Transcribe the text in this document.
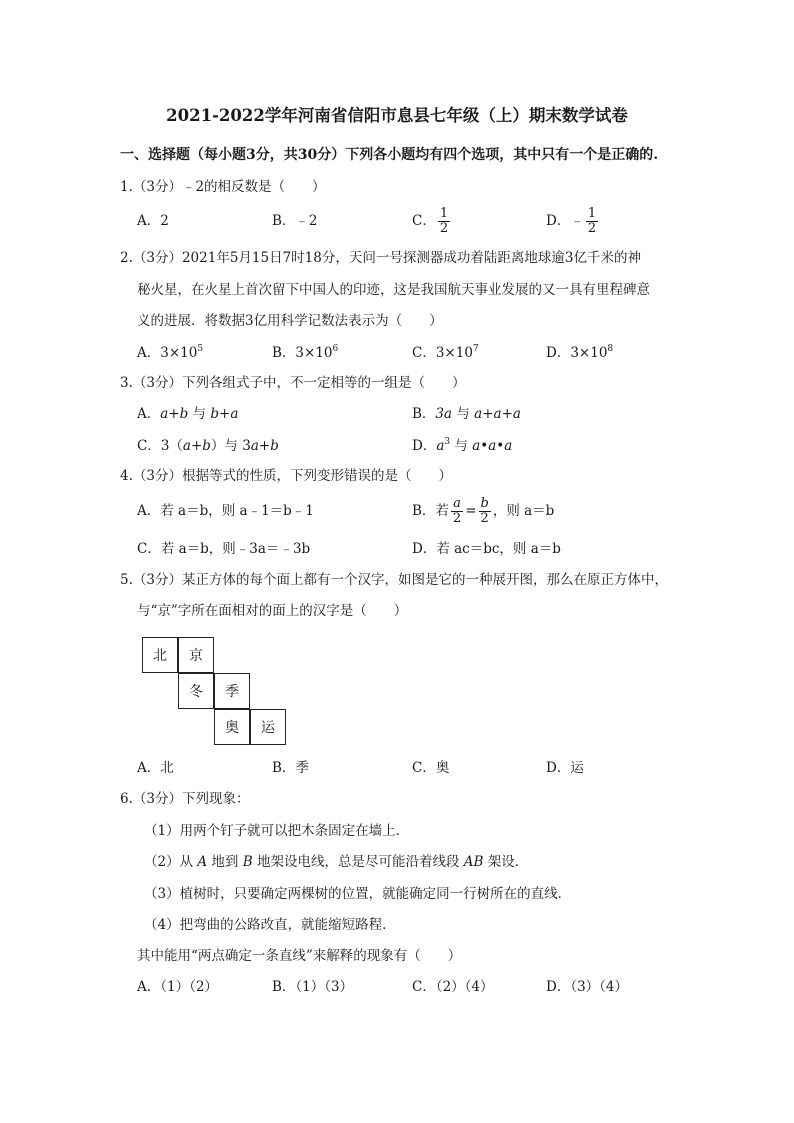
2021-2022学年河南省信阳市息县七年级（上）期末数学试卷
一、选择题（每小题3分，共30分）下列各小题均有四个选项，其中只有一个是正确的.
1.（3分）﹣2的相反数是（　　）
A．2	B．﹣2	C． $\frac{1}{2}$	D．﹣ $\frac{1}{2}$
2.（3分）2021年5月15日7时18分，天问一号探测器成功着陆距离地球逾3亿千米的神
秘火星，在火星上首次留下中国人的印迹，这是我国航天事业发展的又一具有里程碑意
义的进展．将数据3亿用科学记数法表示为（　　）
A．$3\times 10^5$	B．$3\times 10^6$	C．$3\times 10^7$	D．$3\times 10^8$
3.（3分）下列各组式子中，不一定相等的一组是（　　）
A．a+b 与 b+a	B．3a 与 a+a+a
C．3（a+b）与 3a+b	D．$a^3$ 与 a•a•a
4.（3分）根据等式的性质，下列变形错误的是（　　）
A．若 a＝b，则 a﹣1＝b﹣1	B．若 $\frac{a}{2} = \frac{b}{2}$ ，则 a＝b
C．若 a＝b，则﹣3a＝﹣3b	D．若 ac＝bc，则 a＝b
5.（3分）某正方体的每个面上都有一个汉字，如图是它的一种展开图，那么在原正方体中，
与“京”字所在面相对的面上的汉字是（　　）
北	京
冬	季
奥	运
A．北	B．季	C．奥	D．运
6.（3分）下列现象：
（1）用两个钉子就可以把木条固定在墙上．
（2）从 A 地到 B 地架设电线，总是尽可能沿着线段 AB 架设．
（3）植树时，只要确定两棵树的位置，就能确定同一行树所在的直线．
（4）把弯曲的公路改直，就能缩短路程．
其中能用“两点确定一条直线”来解释的现象有（　　）
A．（1）（2）	B．（1）（3）	C．（2）（4）	D．（3）（4）
